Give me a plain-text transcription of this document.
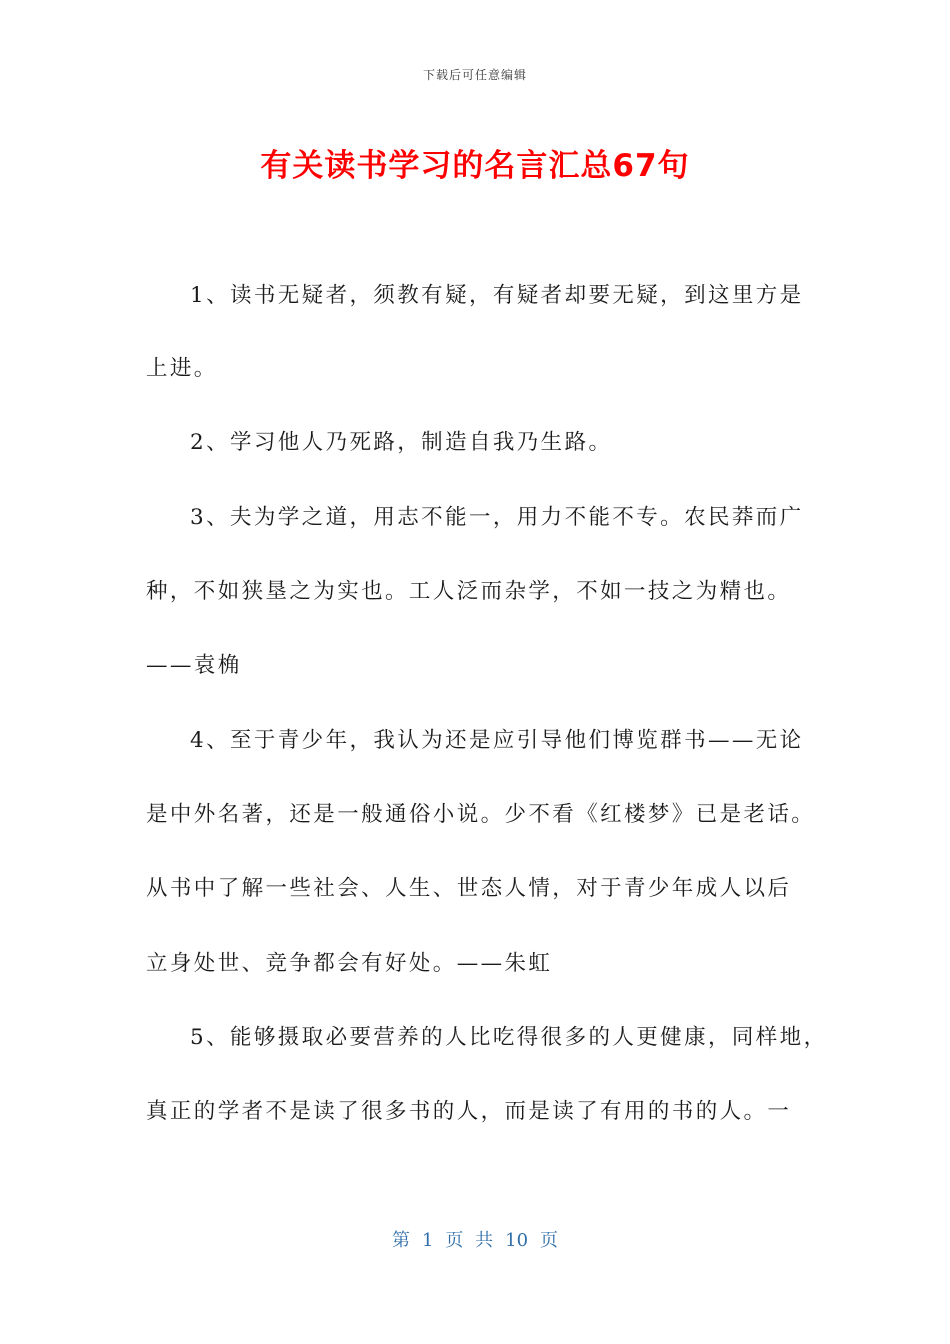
下载后可任意编辑
有关读书学习的名言汇总67句
1、读书无疑者，须教有疑，有疑者却要无疑，到这里方是
上进。
2、学习他人乃死路，制造自我乃生路。
3、夫为学之道，用志不能一，用力不能不专。农民莽而广
种，不如狭垦之为实也。工人泛而杂学，不如一技之为精也。
——袁桷
4、至于青少年，我认为还是应引导他们博览群书——无论
是中外名著，还是一般通俗小说。少不看《红楼梦》已是老话。
从书中了解一些社会、人生、世态人情，对于青少年成人以后
立身处世、竞争都会有好处。——朱虹
5、能够摄取必要营养的人比吃得很多的人更健康，同样地，
真正的学者不是读了很多书的人，而是读了有用的书的人。一
第 1 页 共 10 页
